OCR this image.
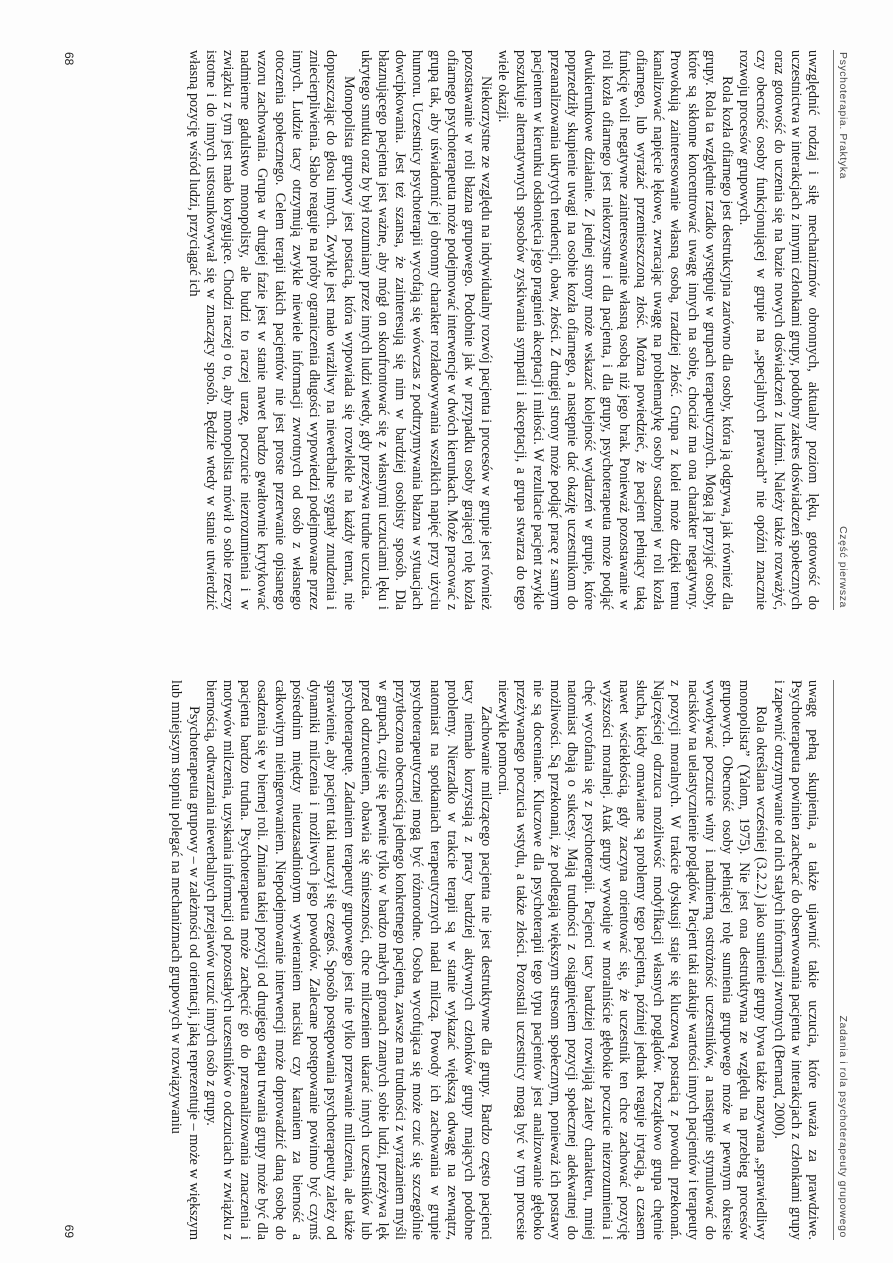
Psychoterapia. Praktyka
Część pierwsza

uwzględnić rodzaj i siłę mechanizmów obronnych, aktualny poziom lęku, gotowość do uczestnictwa w interakcjach z innymi członkami grupy, podobny zakres doświadczeń społecznych oraz gotowość do uczenia się na bazie nowych doświadczeń z ludźmi. Należy także rozważyć, czy obecność osoby funkcjonującej w grupie na „specjalnych prawach” nie opóźni znacznie rozwoju procesów grupowych.

Rola kozła ofiarnego jest destrukcyjna zarówno dla osoby, która ją odgrywa, jak również dla grupy. Rola ta względnie rzadko występuje w grupach terapeutycznych. Mogą ją przyjąć osoby, które są skłonne koncentrować uwagę innych na sobie, chociaż ma ona charakter negatywny. Prowokują zainteresowanie własną osobą, rzadziej złość. Grupa z kolei może dzięki temu kanalizować napięcie lękowe, zwracając uwagę na problematykę osoby osadzonej w roli kozła ofiarnego, lub wyrażać przemieszczoną złość. Można powiedzieć, że pacjent pełniący taką funkcję woli negatywne zainteresowanie własną osobą niż jego brak. Ponieważ pozostawanie w roli kozła ofiarnego jest niekorzystne i dla pacjenta, i dla grupy, psychoterapeuta może podjąć dwukierunkowe działanie. Z jednej strony może wskazać kolejność wydarzeń w grupie, które poprzedziły skupienie uwagi na osobie kozła ofiarnego, a następnie dać okazję uczestnikom do przeanalizowania ukrytych tendencji, obaw, złości. Z drugiej strony może podjąć pracę z samym pacjentem w kierunku odsłonięcia jego pragnień akceptacji i miłości. W rezultacie pacjent zwykle poszukuje alternatywnych sposobów zyskiwania sympatii i akceptacji, a grupa stwarza do tego wiele okazji.

Niekorzystne ze względu na indywidualny rozwój pacjenta i procesów w grupie jest również pozostawanie w roli błazna grupowego. Podobnie jak w przypadku osoby grającej rolę kozła ofiarnego psychoterapeuta może podejmować interwencje w dwóch kierunkach. Może pracować z grupą tak, aby uświadomić jej obronny charakter rozładowywania wszelkich napięć przy użyciu humoru. Uczestnicy psychoterapii wycofają się wówczas z podtrzymywania błazna w sytuacjach dowcipkowania. Jest też szansa, że zainteresują się nim w bardziej osobisty sposób. Dla błaznującego pacjenta jest ważne, aby mógł on skonfrontować się z własnymi uczuciami lęku i ukrytego smutku oraz by był rozumiany przez innych ludzi wtedy, gdy przeżywa trudne uczucia.

Monopolista grupowy jest postacią, która wypowiada się rozwlekle na każdy temat, nie dopuszczając do głosu innych. Zwykle jest mało wrażliwy na niewerbalne sygnały znudzenia i zniecierpliwienia. Słabo reaguje na próby ograniczenia długości wypowiedzi podejmowane przez innych. Ludzie tacy otrzymują zwykle niewiele informacji zwrotnych od osób z własnego otoczenia społecznego. Celem terapii takich pacjentów nie jest proste przerwanie opisanego wzoru zachowania. Grupa w drugiej fazie jest w stanie nawet bardzo gwałtownie krytykować nadmierne gadulstwo monopolisty, ale budzi to raczej urazę, poczucie niezrozumienia i w związku z tym jest mało korygujące. Chodzi raczej o to, aby monopolista mówił o sobie rzeczy istotne i do innych ustosunkowywał się w znaczący sposób. Będzie wtedy w stanie utwierdzić własną pozycję wśród ludzi, przyciągać ich

68
Zadania i rola psychoterapeuty grupowego

uwagę pełną skupienia, a także ujawnić takie uczucia, które uważa za prawdziwe. Psychoterapeuta powinien zachęcać do obserwowania pacjenta w interakcjach z członkami grupy i zapewnić otrzymywanie od nich stałych informacji zwrotnych (Bernard, 2000).

Rola określana wcześniej (3.2.2.) jako sumienie grupy bywa także nazywana „sprawiedliwy monopolista” (Yalom, 1975). Nie jest ona destruktywna ze względu na przebieg procesów grupowych. Obecność osoby pełniącej rolę sumienia grupowego może w pewnym okresie wywoływać poczucie winy i nadmierną ostrożność uczestników, a następnie stymulować do nacisków na uelastycznienie poglądów. Pacjent taki atakuje wartości innych pacjentów i terapeuty z pozycji moralnych. W trakcie dyskusji staje się kluczową postacią z powodu przekonań. Najczęściej odrzuca możliwość modyfikacji własnych poglądów. Początkowo grupa chętnie słucha, kiedy omawiane są problemy tego pacjenta, później jednak reaguje irytacją, a czasem nawet wściekłością, gdy zaczyna orientować się, że uczestnik ten chce zachować pozycję wyższości moralnej. Atak grupy wywołuje w moralniście głębokie poczucie niezrozumienia i chęć wycofania się z psychoterapii. Pacjenci tacy bardziej rozwijają zalety charakteru, mniej natomiast dbają o sukcesy. Mają trudności z osiągnięciem pozycji społecznej adekwatnej do możliwości. Są przekonani, że podlegają większym stresom społecznym, ponieważ ich postawy nie są doceniane. Kluczowe dla psychoterapii tego typu pacjentów jest analizowanie głęboko przeżywanego poczucia wstydu, a także złości. Pozostali uczestnicy mogą być w tym procesie niezwykle pomocni.

Zachowanie milczącego pacjenta nie jest destruktywne dla grupy. Bardzo często pacjenci tacy niemało korzystają z pracy bardziej aktywnych członków grupy mających podobne problemy. Nierzadko w trakcie terapii są w stanie wykazać większą odwagę na zewnątrz, natomiast na spotkaniach terapeutycznych nadal milczą. Powody ich zachowania w grupie psychoterapeutycznej mogą być różnorodne. Osoba wycofująca się może czuć się szczególnie przytłoczona obecnością jednego konkretnego pacjenta, zawsze ma trudności z wyrażaniem myśli w grupach, czuje się pewnie tylko w bardzo małych gronach znanych sobie ludzi, przeżywa lęk przed odrzuceniem, obawia się śmieszności, chce milczeniem ukarać innych uczestników lub psychoterapeutę. Zadaniem terapeuty grupowego jest nie tylko przerwanie milczenia, ale także sprawienie, aby pacjent taki nauczył się czegoś. Sposób postępowania psychoterapeuty zależy od dynamiki milczenia i możliwych jego powodów. Zalecane postępowanie powinno być czymś pośrednim między nieuzasadnionym wywieraniem nacisku czy karaniem za bierność a całkowitym nieingerowaniem. Niepodejmowanie interwencji może doprowadzić daną osobę do osadzenia się w biernej roli. Zmiana takiej pozycji od drugiego etapu trwania grupy może być dla pacjenta bardzo trudna. Psychoterapeuta może zachęcić go do przeanalizowania znaczenia i motywów milczenia, uzyskania informacji od pozostałych uczestników o odczuciach w związku z biernością, odtwarzania niewerbalnych przejawów uczuć innych osób z grupy.

Psychoterapeuta grupowy – w zależności od orientacji, jaką reprezentuje – może w większym lub mniejszym stopniu polegać na mechanizmach grupowych w rozwiązywaniu

69
